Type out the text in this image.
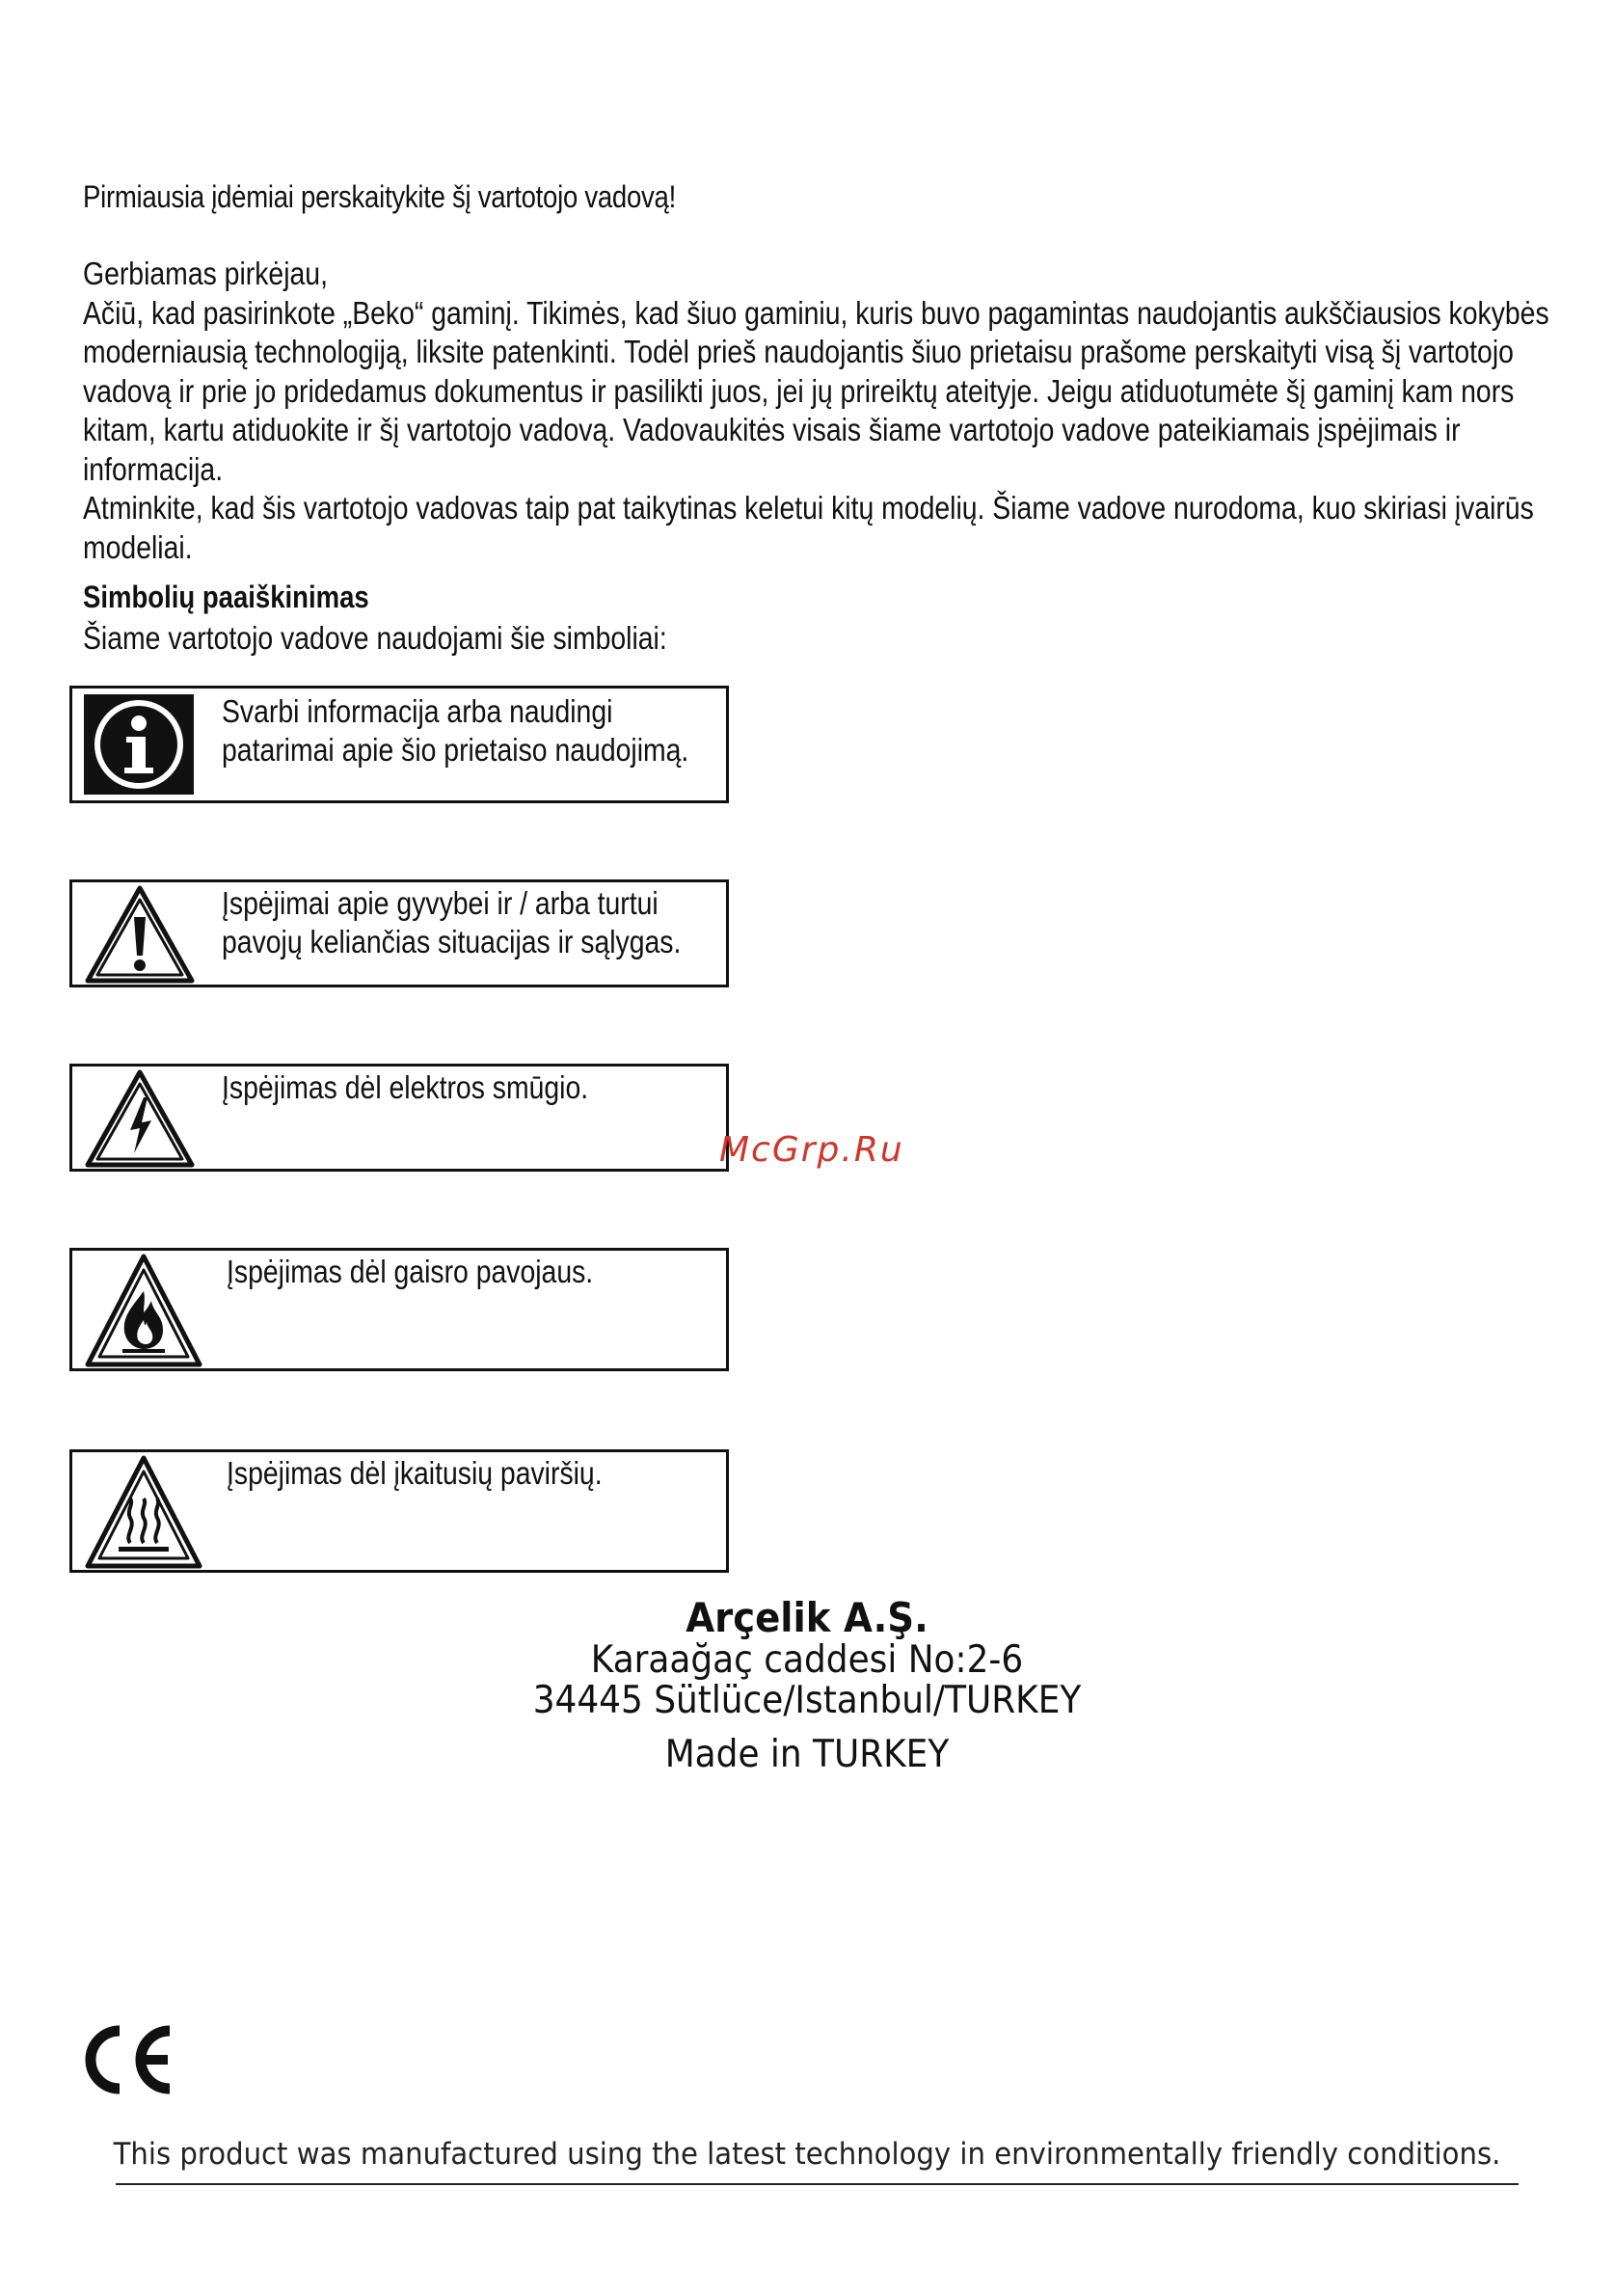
Pirmiausia įdėmiai perskaitykite šį vartotojo vadovą!

Gerbiamas pirkėjau,

Ačiū, kad pasirinkote „Beko“ gaminį. Tikimės, kad šiuo gaminiu, kuris buvo pagamintas naudojantis aukščiausios kokybės moderniausią technologiją, liksite patenkinti. Todėl prieš naudojantis šiuo prietaisu prašome perskaityti visą šį vartotojo vadovą ir prie jo pridedamus dokumentus ir pasilikti juos, jei jų prireiktų ateityje. Jeigu atiduotumėte šį gaminį kam nors kitam, kartu atiduokite ir šį vartotojo vadovą. Vadovaukitės visais šiame vartotojo vadove pateikiamais įspėjimais ir informacija.

Atminkite, kad šis vartotojo vadovas taip pat taikytinas keletui kitų modelių. Šiame vadove nurodoma, kuo skiriasi įvairūs modeliai.

Simbolių paaiškinimas
Šiame vartotojo vadove naudojami šie simboliai:
Svarbi informacija arba naudingi
patarimai apie šio prietaiso naudojimą.
Įspėjimai apie gyvybei ir / arba turtui
pavojų keliančias situacijas ir sąlygas.
Įspėjimas dėl elektros smūgio.
McGrp.Ru
Įspėjimas dėl gaisro pavojaus.
Įspėjimas dėl įkaitusių paviršių.
Arçelik A.Ş.
Karaağaç caddesi No:2-6
34445 Sütlüce/Istanbul/TURKEY
Made in TURKEY
This product was manufactured using the latest technology in environmentally friendly conditions.
